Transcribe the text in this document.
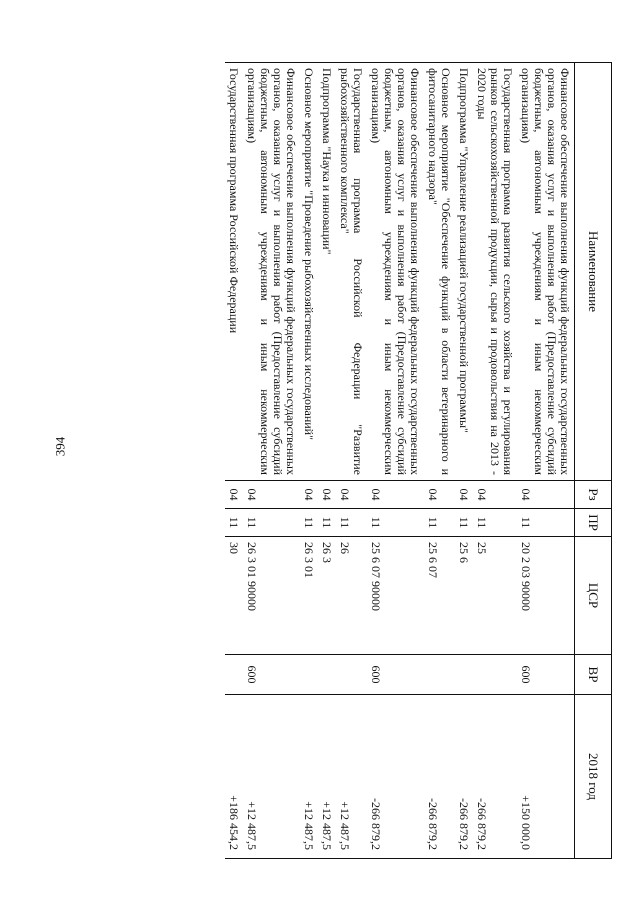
394
Наименование	Рз	ПР	ЦСР	ВР	2018 год
Финансовое обеспечение выполнения функций федеральных государственных органов, оказания услуг и выполнения работ (Предоставление субсидий бюджетным, автономным учреждениям и иным некоммерческим организациям)	04	11	20 2 03 90000	600	+150 000,0
Государственная программа развития сельского хозяйства и регулирования рынков сельскохозяйственной продукции, сырья и продовольствия на 2013 - 2020 годы	04	11	25		-266 879,2
Подпрограмма "Управление реализацией государственной программы"	04	11	25 6		-266 879,2
Основное мероприятие "Обеспечение функций в области ветеринарного и фитосанитарного надзора"	04	11	25 6 07		-266 879,2
Финансовое обеспечение выполнения функций федеральных государственных органов, оказания услуг и выполнения работ (Предоставление субсидий бюджетным, автономным учреждениям и иным некоммерческим организациям)	04	11	25 6 07 90000	600	-266 879,2
Государственная программа Российской Федерации "Развитие рыбохозяйственного комплекса"	04	11	26		+12 487,5
Подпрограмма "Наука и инновации"	04	11	26 3		+12 487,5
Основное мероприятие "Проведение рыбохозяйственных исследований"	04	11	26 3 01		+12 487,5
Финансовое обеспечение выполнения функций федеральных государственных органов, оказания услуг и выполнения работ (Предоставление субсидий бюджетным, автономным учреждениям и иным некоммерческим организациям)	04	11	26 3 01 90000	600	+12 487,5
Государственная программа Российской Федерации	04	11	30		+186 454,2
